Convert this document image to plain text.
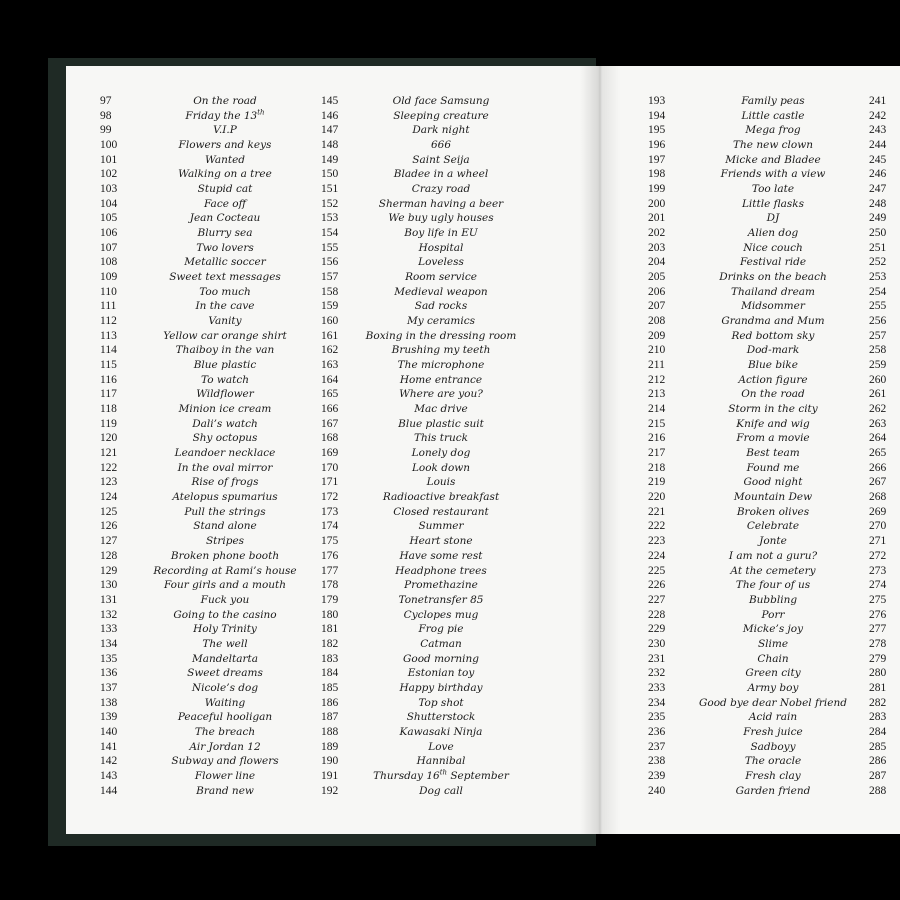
97	On the road
98	Friday the 13th
99	V.I.P
100	Flowers and keys
101	Wanted
102	Walking on a tree
103	Stupid cat
104	Face off
105	Jean Cocteau
106	Blurry sea
107	Two lovers
108	Metallic soccer
109	Sweet text messages
110	Too much
111	In the cave
112	Vanity
113	Yellow car orange shirt
114	Thaiboy in the van
115	Blue plastic
116	To watch
117	Wildflower
118	Minion ice cream
119	Dali’s watch
120	Shy octopus
121	Leandoer necklace
122	In the oval mirror
123	Rise of frogs
124	Atelopus spumarius
125	Pull the strings
126	Stand alone
127	Stripes
128	Broken phone booth
129	Recording at Rami’s house
130	Four girls and a mouth
131	Fuck you
132	Going to the casino
133	Holy Trinity
134	The well
135	Mandeltarta
136	Sweet dreams
137	Nicole’s dog
138	Waiting
139	Peaceful hooligan
140	The breach
141	Air Jordan 12
142	Subway and flowers
143	Flower line
144	Brand new
145	Old face Samsung
146	Sleeping creature
147	Dark night
148	666
149	Saint Seija
150	Bladee in a wheel
151	Crazy road
152	Sherman having a beer
153	We buy ugly houses
154	Boy life in EU
155	Hospital
156	Loveless
157	Room service
158	Medieval weapon
159	Sad rocks
160	My ceramics
161	Boxing in the dressing room
162	Brushing my teeth
163	The microphone
164	Home entrance
165	Where are you?
166	Mac drive
167	Blue plastic suit
168	This truck
169	Lonely dog
170	Look down
171	Louis
172	Radioactive breakfast
173	Closed restaurant
174	Summer
175	Heart stone
176	Have some rest
177	Headphone trees
178	Promethazine
179	Tonetransfer 85
180	Cyclopes mug
181	Frog pie
182	Catman
183	Good morning
184	Estonian toy
185	Happy birthday
186	Top shot
187	Shutterstock
188	Kawasaki Ninja
189	Love
190	Hannibal
191	Thursday 16th September
192	Dog call
193	Family peas	241
194	Little castle	242
195	Mega frog	243
196	The new clown	244
197	Micke and Bladee	245
198	Friends with a view	246
199	Too late	247
200	Little flasks	248
201	DJ	249
202	Alien dog	250
203	Nice couch	251
204	Festival ride	252
205	Drinks on the beach	253
206	Thailand dream	254
207	Midsommer	255
208	Grandma and Mum	256
209	Red bottom sky	257
210	Dod-mark	258
211	Blue bike	259
212	Action figure	260
213	On the road	261
214	Storm in the city	262
215	Knife and wig	263
216	From a movie	264
217	Best team	265
218	Found me	266
219	Good night	267
220	Mountain Dew	268
221	Broken olives	269
222	Celebrate	270
223	Jonte	271
224	I am not a guru?	272
225	At the cemetery	273
226	The four of us	274
227	Bubbling	275
228	Porr	276
229	Micke’s joy	277
230	Slime	278
231	Chain	279
232	Green city	280
233	Army boy	281
234	Good bye dear Nobel friend	282
235	Acid rain	283
236	Fresh juice	284
237	Sadboyy	285
238	The oracle	286
239	Fresh clay	287
240	Garden friend	288
